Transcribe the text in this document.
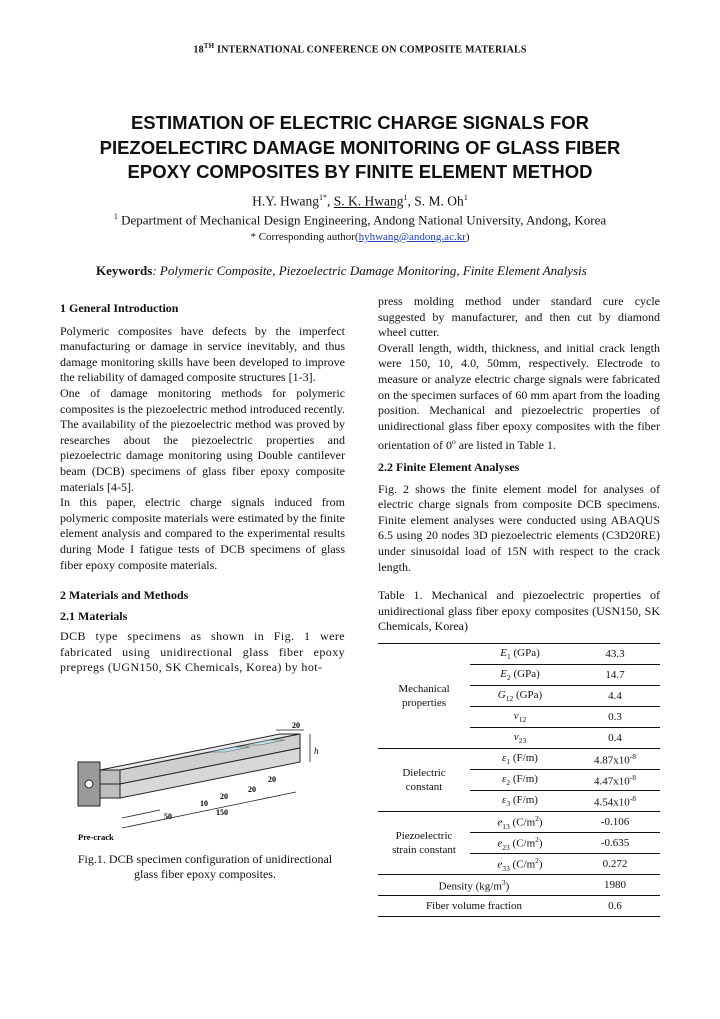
18TH INTERNATIONAL CONFERENCE ON COMPOSITE MATERIALS
ESTIMATION OF ELECTRIC CHARGE SIGNALS FOR
PIEZOELECTIRC DAMAGE MONITORING OF GLASS FIBER
EPOXY COMPOSITES BY FINITE ELEMENT METHOD
H.Y. Hwang$^{1*}$, S. K. Hwang$^1$, S. M. Oh$^1$
$^1$ Department of Mechanical Design Engineering, Andong National University, Andong, Korea
* Corresponding author(hyhwang@andong.ac.kr)
Keywords: Polymeric Composite, Piezoelectric Damage Monitoring, Finite Element Analysis
1 General Introduction

Polymeric composites have defects by the imperfect manufacturing or damage in service inevitably, and thus damage monitoring skills have been developed to improve the reliability of damaged composite structures [1-3].

One of damage monitoring methods for polymeric composites is the piezoelectric method introduced recently. The availability of the piezoelectric method was proved by researches about the piezoelectric properties and piezoelectric damage monitoring using Double cantilever beam (DCB) specimens of glass fiber epoxy composite materials [4-5].

In this paper, electric charge signals induced from polymeric composite materials were estimated by the finite element analysis and compared to the experimental results during Mode I fatigue tests of DCB specimens of glass fiber epoxy composite materials.

2 Materials and Methods
2.1 Materials

DCB type specimens as shown in Fig. 1 were fabricated using unidirectional glass fiber epoxy prepregs (UGN150, SK Chemicals, Korea) by hot-

20
h
20
20
20
10
50	150
Pre-crack
Fig.1. DCB specimen configuration of unidirectional
glass fiber epoxy composites.

press molding method under standard cure cycle suggested by manufacturer, and then cut by diamond wheel cutter.

Overall length, width, thickness, and initial crack length were 150, 10, 4.0, 50mm, respectively. Electrode to measure or analyze electric charge signals were fabricated on the specimen surfaces of 60 mm apart from the loading position. Mechanical and piezoelectric properties of unidirectional glass fiber epoxy composites with the fiber orientation of 0$^o$ are listed in Table 1.

2.2 Finite Element Analyses

Fig. 2 shows the finite element model for analyses of electric charge signals from composite DCB specimens. Finite element analyses were conducted using ABAQUS 6.5 using 20 nodes 3D piezoelectric elements (C3D20RE) under sinusoidal load of 15N with respect to the crack length.

Table 1. Mechanical and piezoelectric properties of unidirectional glass fiber epoxy composites (USN150, SK Chemicals, Korea)

Mechanical
properties	$E_1$ (GPa)	43.3
	$E_2$ (GPa)	14.7
	$G_{12}$ (GPa)	4.4
	$v_{12}$	0.3
	$v_{23}$	0.4

Dielectric
constant	$\varepsilon_1$ (F/m)	$4.87x10^{-8}$
	$\varepsilon_2$ (F/m)	$4.47x10^{-8}$
	$\varepsilon_3$ (F/m)	$4.54x10^{-8}$

Piezoelectric
strain constant	$e_{13}$ $(C/m^2)$	-0.106
	$e_{23}$ $(C/m^2)$	-0.635
	$e_{33}$ $(C/m^2)$	0.272
Density $(kg/m^3)$		1980
Fiber volume fraction		0.6
